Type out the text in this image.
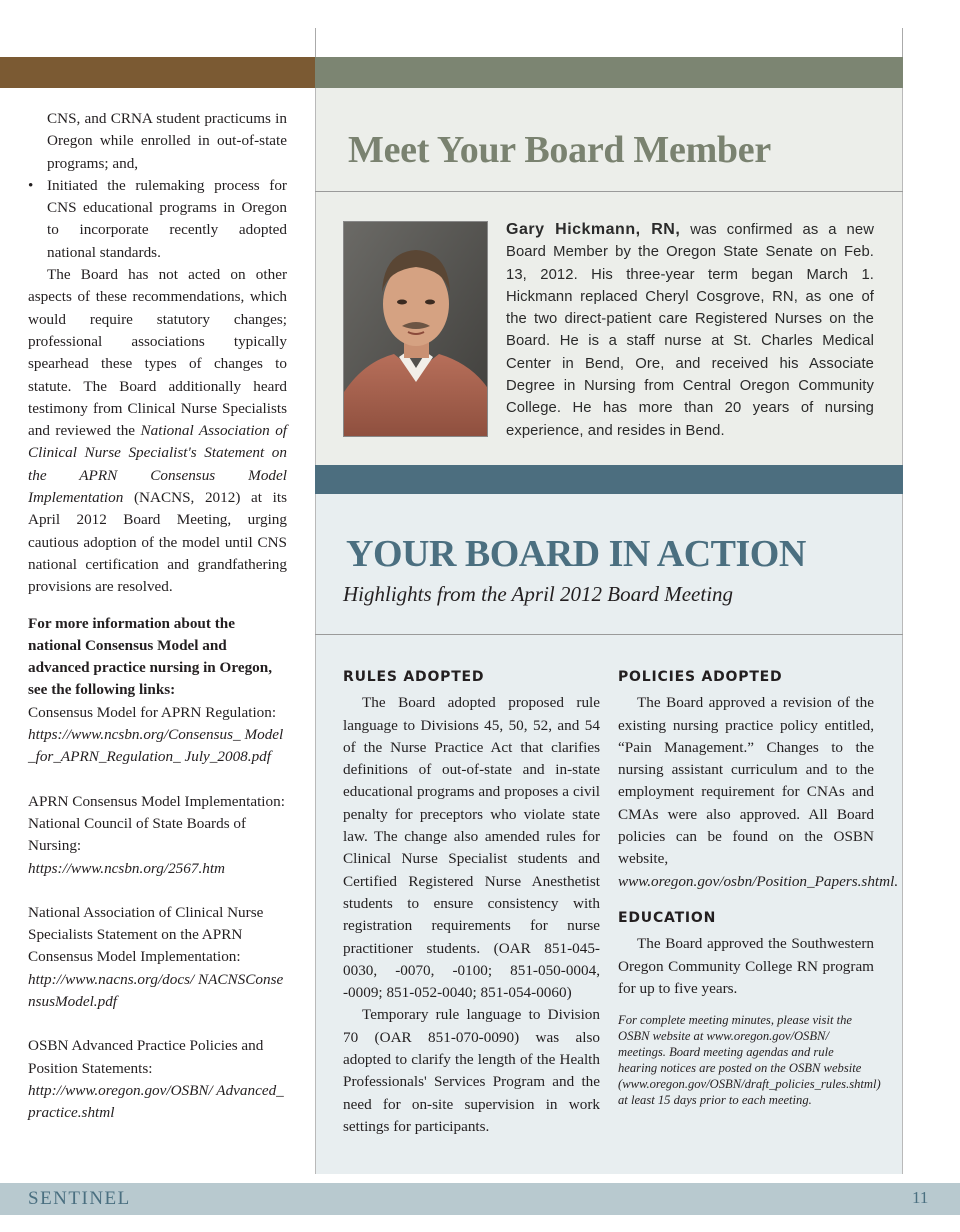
CNS, and CRNA student practicums in Oregon while enrolled in out-of-state programs; and,

• Initiated the rulemaking process for CNS educational programs in Oregon to incorporate recently adopted national standards.

The Board has not acted on other aspects of these recommendations, which would require statutory changes; professional associations typically spearhead these types of changes to statute. The Board additionally heard testimony from Clinical Nurse Specialists and reviewed the National Association of Clinical Nurse Specialist's Statement on the APRN Consensus Model Implementation (NACNS, 2012) at its April 2012 Board Meeting, urging cautious adoption of the model until CNS national certification and grandfathering provisions are resolved.

For more information about the national Consensus Model and advanced practice nursing in Oregon, see the following links:

Consensus Model for APRN Regulation:
https://www.ncsbn.org/Consensus_ Model_for_APRN_Regulation_ July_2008.pdf
APRN Consensus Model Implementation: National Council of State Boards of Nursing:
https://www.ncsbn.org/2567.htm
National Association of Clinical Nurse Specialists Statement on the APRN Consensus Model Implementation:
http://www.nacns.org/docs/ NACNSConsensusModel.pdf
OSBN Advanced Practice Policies and Position Statements:
http://www.oregon.gov/OSBN/ Advanced_practice.shtml
Meet Your Board Member

Gary Hickmann, RN, was confirmed as a new Board Member by the Oregon State Senate on Feb. 13, 2012. His three-year term began March 1. Hickmann replaced Cheryl Cosgrove, RN, as one of the two direct-patient care Registered Nurses on the Board. He is a staff nurse at St. Charles Medical Center in Bend, Ore, and received his Associate Degree in Nursing from Central Oregon Community College. He has more than 20 years of nursing experience, and resides in Bend.

YOUR BOARD IN ACTION

Highlights from the April 2012 Board Meeting

RULES ADOPTED

The Board adopted proposed rule language to Divisions 45, 50, 52, and 54 of the Nurse Practice Act that clarifies definitions of out-of-state and in-state educational programs and proposes a civil penalty for preceptors who violate state law. The change also amended rules for Clinical Nurse Specialist students and Certified Registered Nurse Anesthetist students to ensure consistency with registration requirements for nurse practitioner students. (OAR 851-045-0030, -0070, -0100; 851-050-0004, -0009; 851-052-0040; 851-054-0060)

Temporary rule language to Division 70 (OAR 851-070-0090) was also adopted to clarify the length of the Health Professionals' Services Program and the need for on-site supervision in work settings for participants.

POLICIES ADOPTED

The Board approved a revision of the existing nursing practice policy entitled, “Pain Management.” Changes to the nursing assistant curriculum and to the employment requirement for CNAs and CMAs were also approved. All Board policies can be found on the OSBN website, www.oregon.gov/osbn/Position_Papers.shtml.

EDUCATION

The Board approved the Southwestern Oregon Community College RN program for up to five years.

For complete meeting minutes, please visit the OSBN website at www.oregon.gov/OSBN/ meetings. Board meeting agendas and rule hearing notices are posted on the OSBN website (www.oregon.gov/OSBN/draft_policies_rules.shtml) at least 15 days prior to each meeting.

SENTINEL	11
